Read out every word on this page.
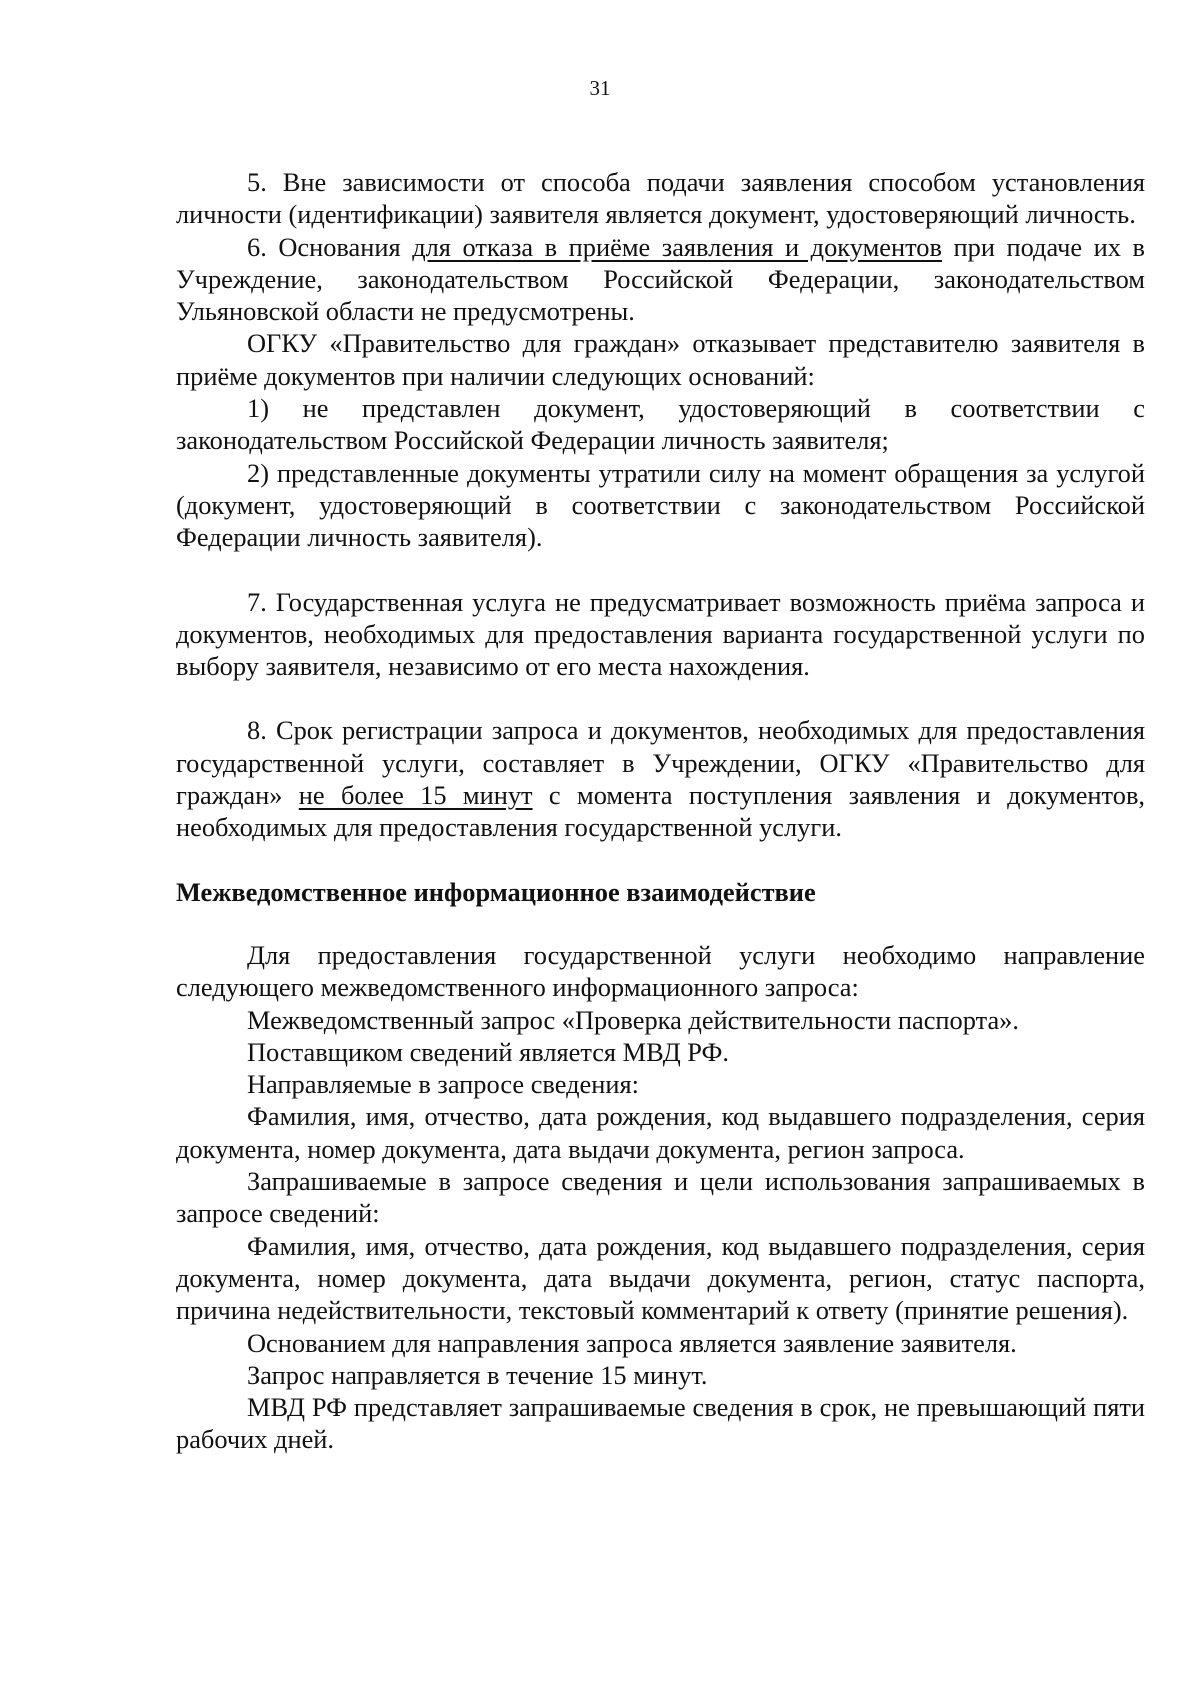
31

5. Вне зависимости от способа подачи заявления способом установления личности (идентификации) заявителя является документ, удостоверяющий личность.

6. Основания для отказа в приёме заявления и документов при подаче их в Учреждение, законодательством Российской Федерации, законодательством Ульяновской области не предусмотрены.

ОГКУ «Правительство для граждан» отказывает представителю заявителя в приёме документов при наличии следующих оснований:

1) не представлен документ, удостоверяющий в соответствии с законодательством Российской Федерации личность заявителя;

2) представленные документы утратили силу на момент обращения за услугой (документ, удостоверяющий в соответствии с законодательством Российской Федерации личность заявителя).

7. Государственная услуга не предусматривает возможность приёма запроса и документов, необходимых для предоставления варианта государственной услуги по выбору заявителя, независимо от его места нахождения.

8. Срок регистрации запроса и документов, необходимых для предоставления государственной услуги, составляет в Учреждении, ОГКУ «Правительство для граждан» не более 15 минут с момента поступления заявления и документов, необходимых для предоставления государственной услуги.

Межведомственное информационное взаимодействие

Для предоставления государственной услуги необходимо направление следующего межведомственного информационного запроса:

Межведомственный запрос «Проверка действительности паспорта».

Поставщиком сведений является МВД РФ.

Направляемые в запросе сведения:

Фамилия, имя, отчество, дата рождения, код выдавшего подразделения, серия документа, номер документа, дата выдачи документа, регион запроса.

Запрашиваемые в запросе сведения и цели использования запрашиваемых в запросе сведений:

Фамилия, имя, отчество, дата рождения, код выдавшего подразделения, серия документа, номер документа, дата выдачи документа, регион, статус паспорта, причина недействительности, текстовый комментарий к ответу (принятие решения).

Основанием для направления запроса является заявление заявителя.

Запрос направляется в течение 15 минут.

МВД РФ представляет запрашиваемые сведения в срок, не превышающий пяти рабочих дней.
